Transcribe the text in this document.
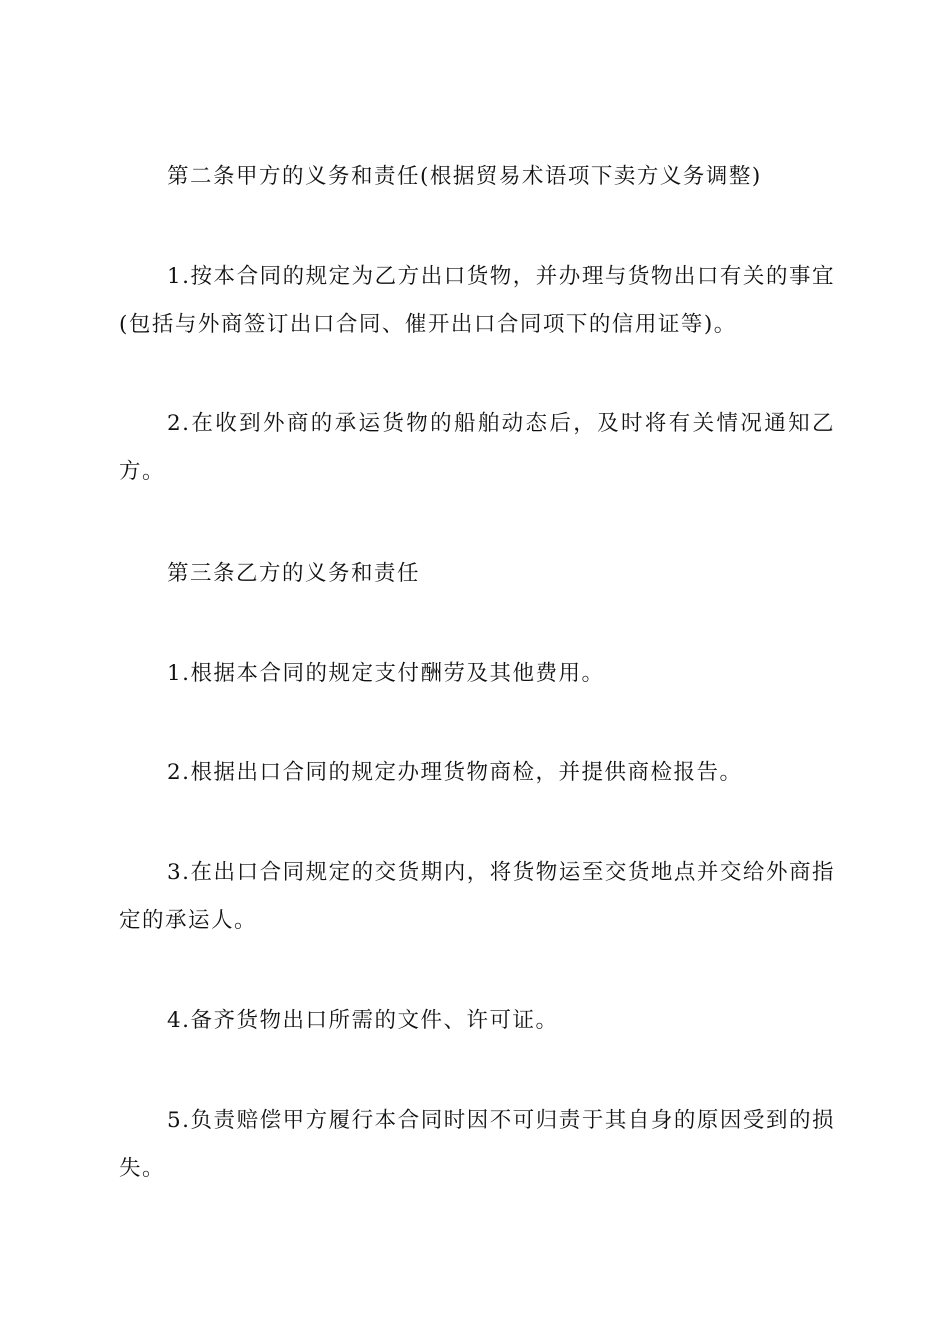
第二条甲方的义务和责任(根据贸易术语项下卖方义务调整)

1.按本合同的规定为乙方出口货物，并办理与货物出口有关的事宜(包括与外商签订出口合同、催开出口合同项下的信用证等)。

2.在收到外商的承运货物的船舶动态后，及时将有关情况通知乙方。

第三条乙方的义务和责任

1.根据本合同的规定支付酬劳及其他费用。

2.根据出口合同的规定办理货物商检，并提供商检报告。

3.在出口合同规定的交货期内，将货物运至交货地点并交给外商指定的承运人。

4.备齐货物出口所需的文件、许可证。

5.负责赔偿甲方履行本合同时因不可归责于其自身的原因受到的损失。
